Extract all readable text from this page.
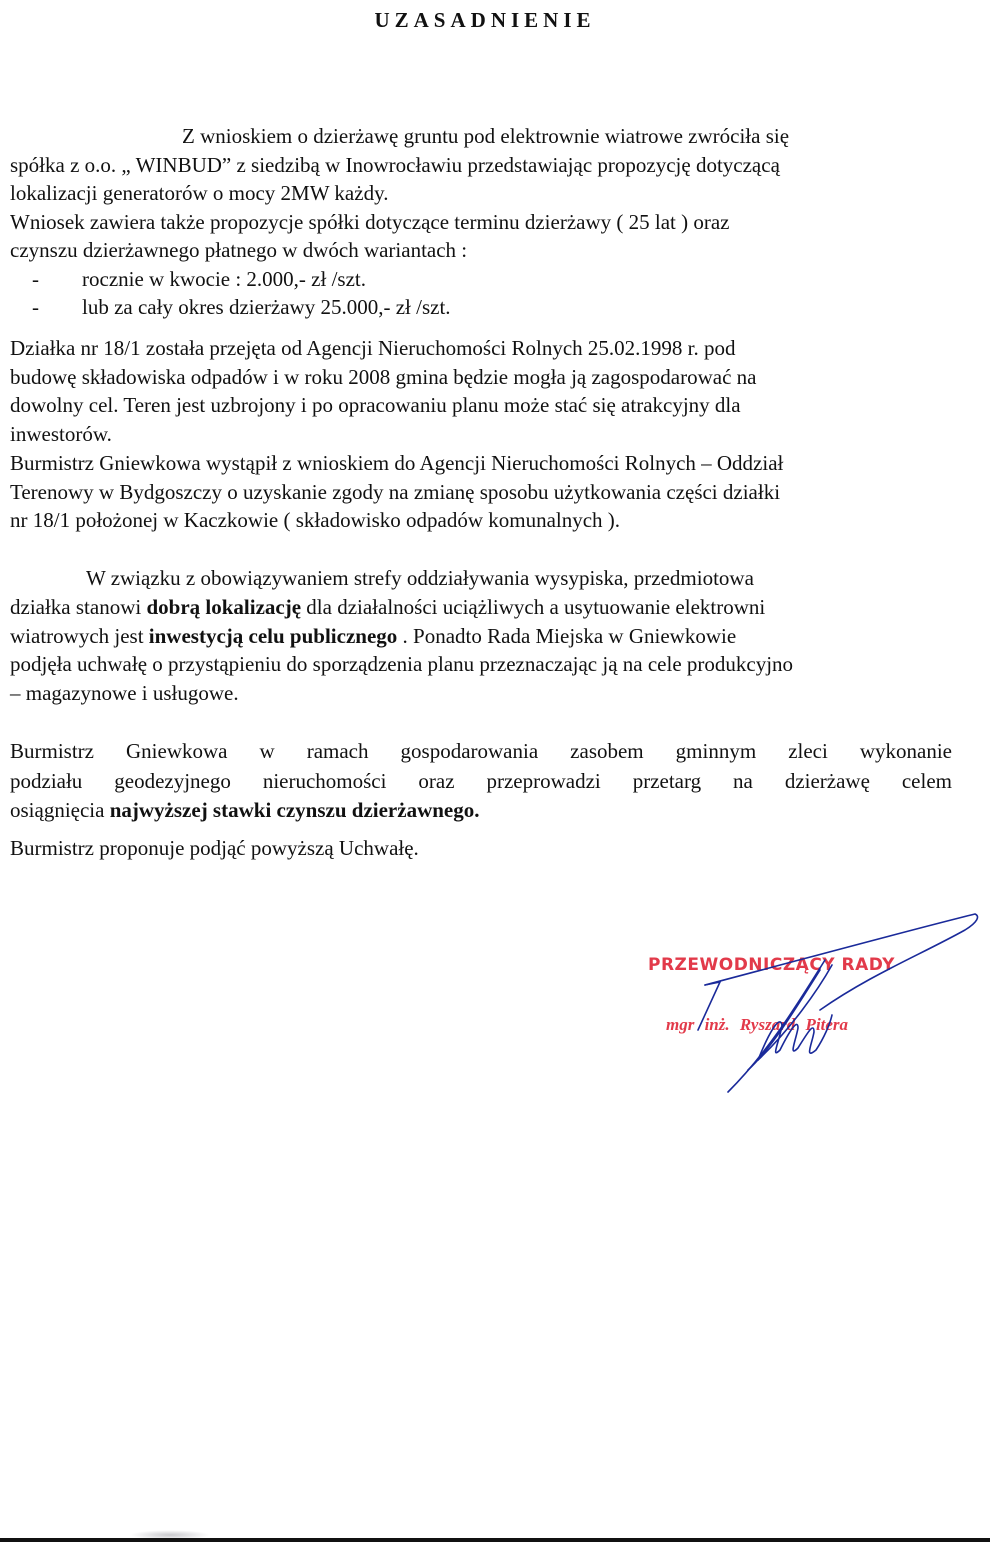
UZASADNIENIE
Z wnioskiem o dzierżawę gruntu pod elektrownie wiatrowe zwróciła się
spółka z o.o. „ WINBUD” z siedzibą w Inowrocławiu przedstawiając propozycję dotyczącą
lokalizacji generatorów o mocy 2MW każdy.
Wniosek zawiera także propozycje spółki dotyczące terminu dzierżawy ( 25 lat ) oraz
czynszu dzierżawnego płatnego w dwóch wariantach :
- rocznie w kwocie : 2.000,- zł /szt.
- lub za cały okres dzierżawy 25.000,- zł /szt.
Działka nr 18/1 została przejęta od Agencji Nieruchomości Rolnych 25.02.1998 r. pod
budowę składowiska odpadów i w roku 2008 gmina będzie mogła ją zagospodarować na
dowolny cel. Teren jest uzbrojony i po opracowaniu planu może stać się atrakcyjny dla
inwestorów.
Burmistrz Gniewkowa wystąpił z wnioskiem do Agencji Nieruchomości Rolnych – Oddział
Terenowy w Bydgoszczy o uzyskanie zgody na zmianę sposobu użytkowania części działki
nr 18/1 położonej w Kaczkowie ( składowisko odpadów komunalnych ).
W związku z obowiązywaniem strefy oddziaływania wysypiska, przedmiotowa
działka stanowi dobrą lokalizację dla działalności uciążliwych a usytuowanie elektrowni
wiatrowych jest inwestycją celu publicznego . Ponadto Rada Miejska w Gniewkowie
podjęła uchwałę o przystąpieniu do sporządzenia planu przeznaczając ją na cele produkcyjno
– magazynowe i usługowe.
Burmistrz Gniewkowa w ramach gospodarowania zasobem gminnym zleci wykonanie
podziału geodezyjnego nieruchomości oraz przeprowadzi przetarg na dzierżawę celem
osiągnięcia najwyższej stawki czynszu dzierżawnego.
Burmistrz proponuje podjąć powyższą Uchwałę.
PRZEWODNICZĄCY RADY
mgr inż. Ryszard Pitera
